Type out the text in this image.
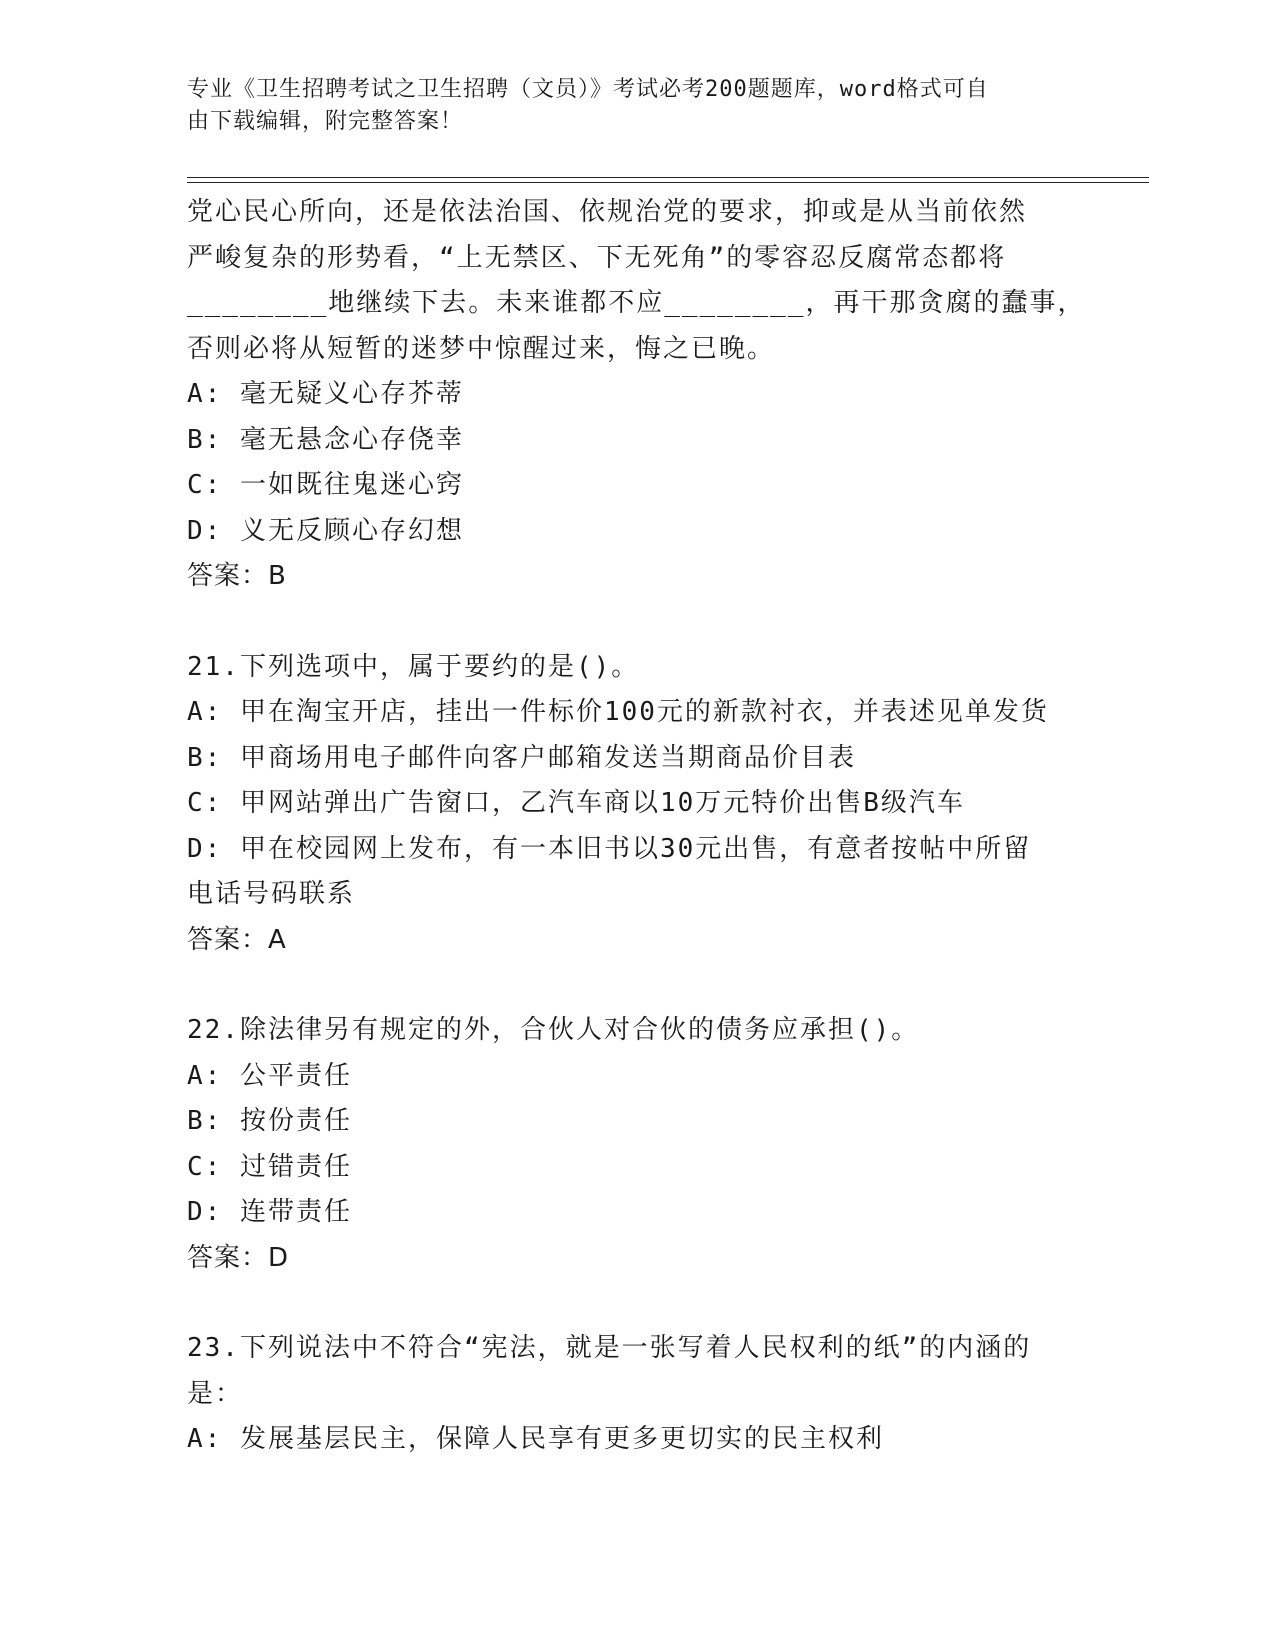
专业《卫生招聘考试之卫生招聘（文员）》考试必考200题题库，word格式可自
由下载编辑，附完整答案！
党心民心所向，还是依法治国、依规治党的要求，抑或是从当前依然
严峻复杂的形势看，“上无禁区、下无死角”的零容忍反腐常态都将
________地继续下去。未来谁都不应________，再干那贪腐的蠢事，
否则必将从短暂的迷梦中惊醒过来，悔之已晚。
A: 毫无疑义心存芥蒂
B: 毫无悬念心存侥幸
C: 一如既往鬼迷心窍
D: 义无反顾心存幻想
答案：B
21.下列选项中，属于要约的是()。
A: 甲在淘宝开店，挂出一件标价100元的新款衬衣，并表述见单发货
B: 甲商场用电子邮件向客户邮箱发送当期商品价目表
C: 甲网站弹出广告窗口，乙汽车商以10万元特价出售B级汽车
D: 甲在校园网上发布，有一本旧书以30元出售，有意者按帖中所留
电话号码联系
答案：A
22.除法律另有规定的外，合伙人对合伙的债务应承担()。
A: 公平责任
B: 按份责任
C: 过错责任
D: 连带责任
答案：D
23.下列说法中不符合“宪法，就是一张写着人民权利的纸”的内涵的
是：
A: 发展基层民主，保障人民享有更多更切实的民主权利
